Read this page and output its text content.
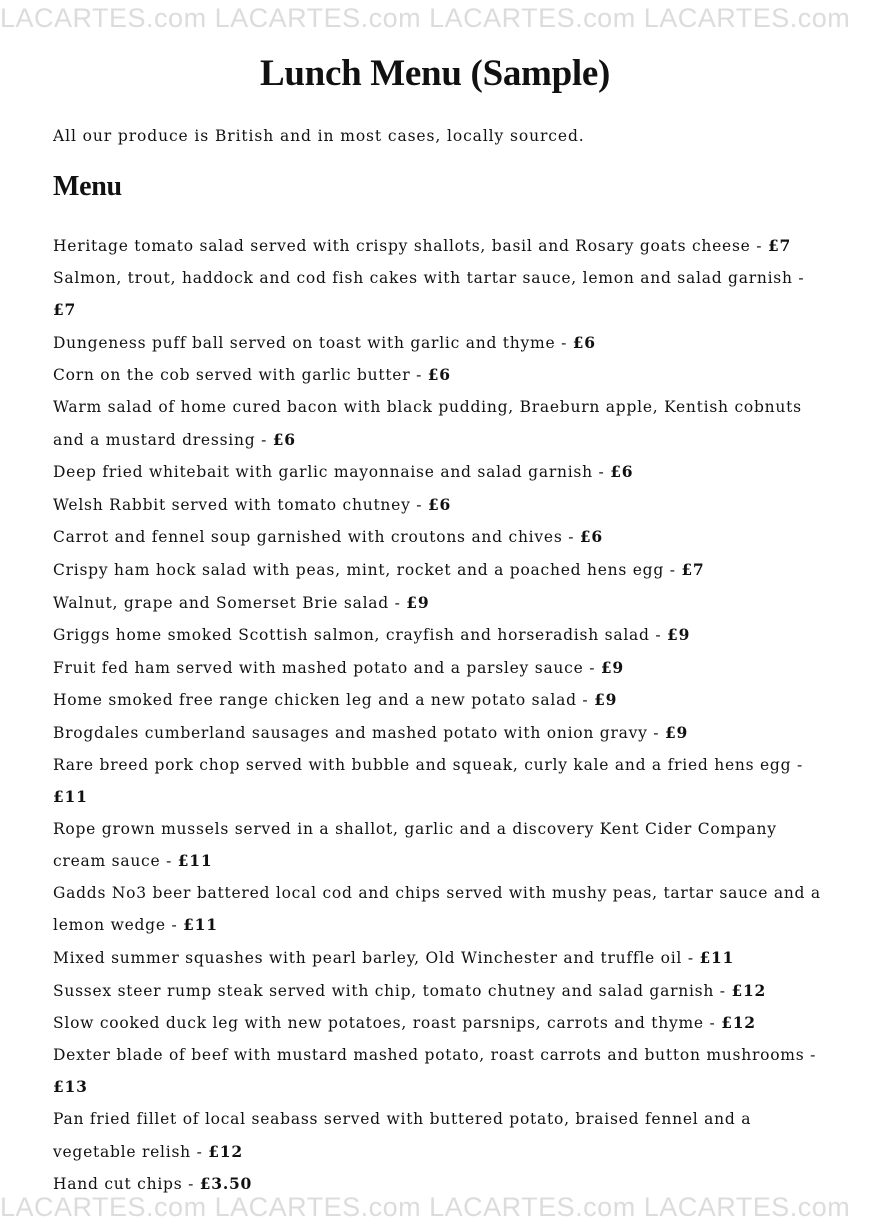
LACARTES.com LACARTES.com LACARTES.com LACARTES.com
Lunch Menu (Sample)

All our produce is British and in most cases, locally sourced.

Menu
Heritage tomato salad served with crispy shallots, basil and Rosary goats cheese - £7
Salmon, trout, haddock and cod fish cakes with tartar sauce, lemon and salad garnish - £7
Dungeness puff ball served on toast with garlic and thyme - £6
Corn on the cob served with garlic butter - £6
Warm salad of home cured bacon with black pudding, Braeburn apple, Kentish cobnuts and a mustard dressing - £6
Deep fried whitebait with garlic mayonnaise and salad garnish - £6
Welsh Rabbit served with tomato chutney - £6
Carrot and fennel soup garnished with croutons and chives - £6
Crispy ham hock salad with peas, mint, rocket and a poached hens egg - £7
Walnut, grape and Somerset Brie salad - £9
Griggs home smoked Scottish salmon, crayfish and horseradish salad - £9
Fruit fed ham served with mashed potato and a parsley sauce - £9
Home smoked free range chicken leg and a new potato salad - £9
Brogdales cumberland sausages and mashed potato with onion gravy - £9
Rare breed pork chop served with bubble and squeak, curly kale and a fried hens egg - £11
Rope grown mussels served in a shallot, garlic and a discovery Kent Cider Company cream sauce - £11
Gadds No3 beer battered local cod and chips served with mushy peas, tartar sauce and a lemon wedge - £11
Mixed summer squashes with pearl barley, Old Winchester and truffle oil - £11
Sussex steer rump steak served with chip, tomato chutney and salad garnish - £12
Slow cooked duck leg with new potatoes, roast parsnips, carrots and thyme - £12
Dexter blade of beef with mustard mashed potato, roast carrots and button mushrooms - £13
Pan fried fillet of local seabass served with buttered potato, braised fennel and a vegetable relish - £12
Hand cut chips - £3.50
LACARTES.com LACARTES.com LACARTES.com LACARTES.com
